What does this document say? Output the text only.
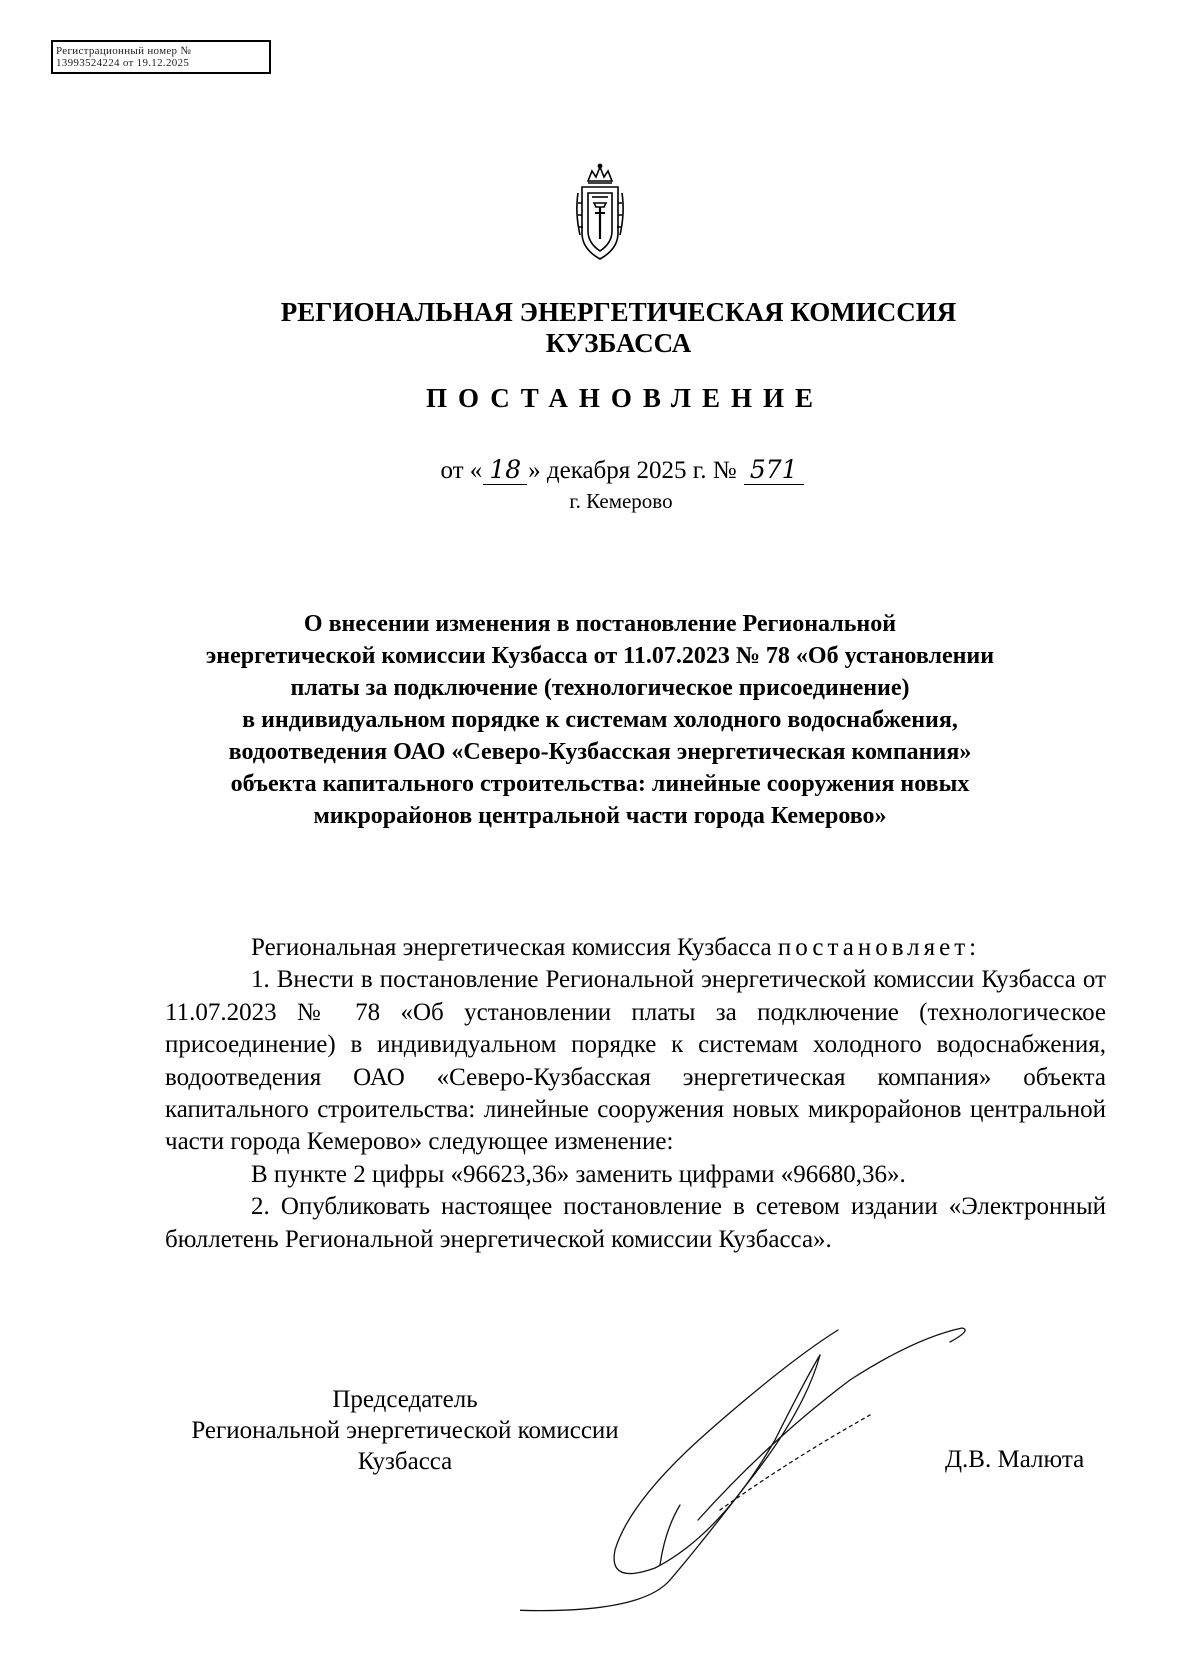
Регистрационный номер №
13993524224 от 19.12.2025
РЕГИОНАЛЬНАЯ ЭНЕРГЕТИЧЕСКАЯ КОМИССИЯ
КУЗБАССА
ПОСТАНОВЛЕНИЕ
от « 18 » декабря 2025 г. № 571
г. Кемерово
О внесении изменения в постановление Региональной
энергетической комиссии Кузбасса от 11.07.2023 № 78 «Об установлении
платы за подключение (технологическое присоединение)
в индивидуальном порядке к системам холодного водоснабжения,
водоотведения ОАО «Северо-Кузбасская энергетическая компания»
объекта капитального строительства: линейные сооружения новых
микрорайонов центральной части города Кемерово»

Региональная энергетическая комиссия Кузбасса постановляет:

1. Внести в постановление Региональной энергетической комиссии Кузбасса от 11.07.2023 № 78 «Об установлении платы за подключение (технологическое присоединение) в индивидуальном порядке к системам холодного водоснабжения, водоотведения ОАО «Северо-Кузбасская энергетическая компания» объекта капитального строительства: линейные сооружения новых микрорайонов центральной части города Кемерово» следующее изменение:

В пункте 2 цифры «96623,36» заменить цифрами «96680,36».

2. Опубликовать настоящее постановление в сетевом издании «Электронный бюллетень Региональной энергетической комиссии Кузбасса».

Председатель
Региональной энергетической комиссии
Кузбасса	Д.В. Малюта
